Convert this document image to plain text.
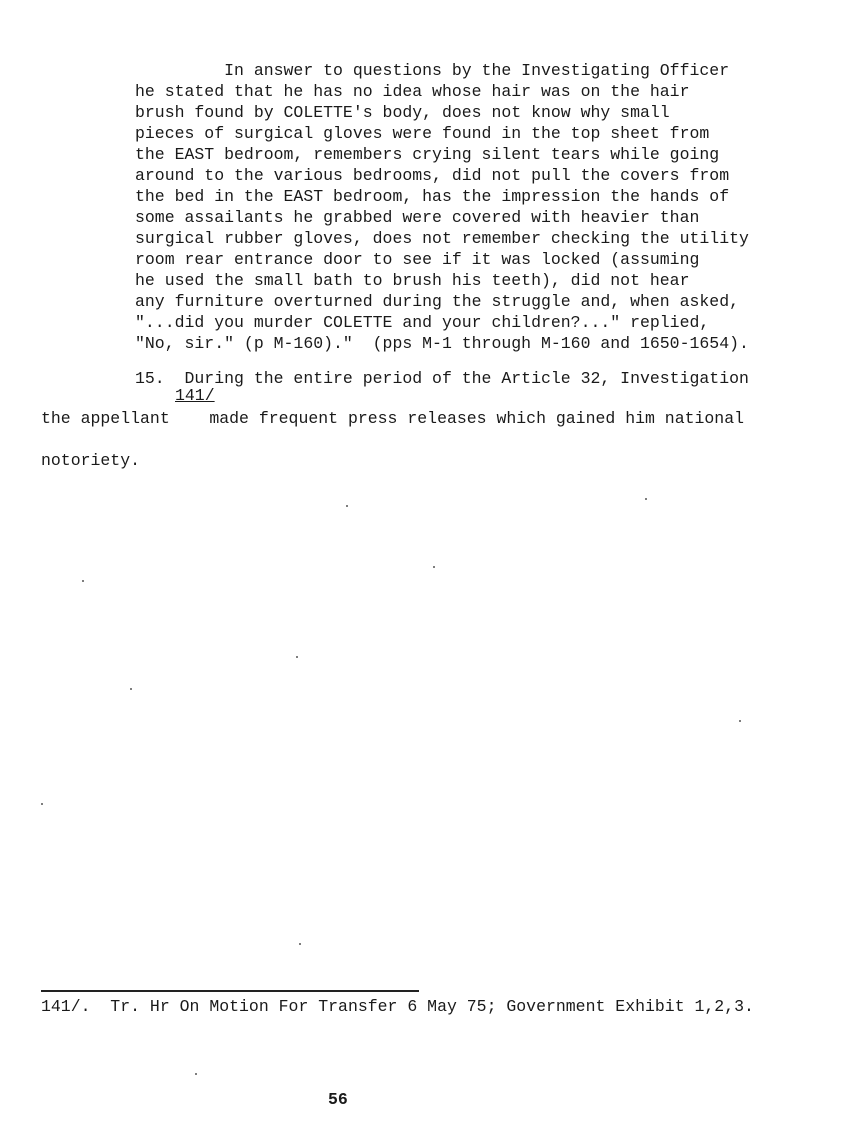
In answer to questions by the Investigating Officer
he stated that he has no idea whose hair was on the hair
brush found by COLETTE's body, does not know why small
pieces of surgical gloves were found in the top sheet from
the EAST bedroom, remembers crying silent tears while going
around to the various bedrooms, did not pull the covers from
the bed in the EAST bedroom, has the impression the hands of
some assailants he grabbed were covered with heavier than
surgical rubber gloves, does not remember checking the utility
room rear entrance door to see if it was locked (assuming
he used the small bath to brush his teeth), did not hear
any furniture overturned during the struggle and, when asked,
"...did you murder COLETTE and your children?..." replied,
"No, sir." (p M-160)."  (pps M-1 through M-160 and 1650-1654).
15.  During the entire period of the Article 32, Investigation
141/
the appellant    made frequent press releases which gained him national
notoriety.
141/.  Tr. Hr On Motion For Transfer 6 May 75; Government Exhibit 1,2,3.
56
